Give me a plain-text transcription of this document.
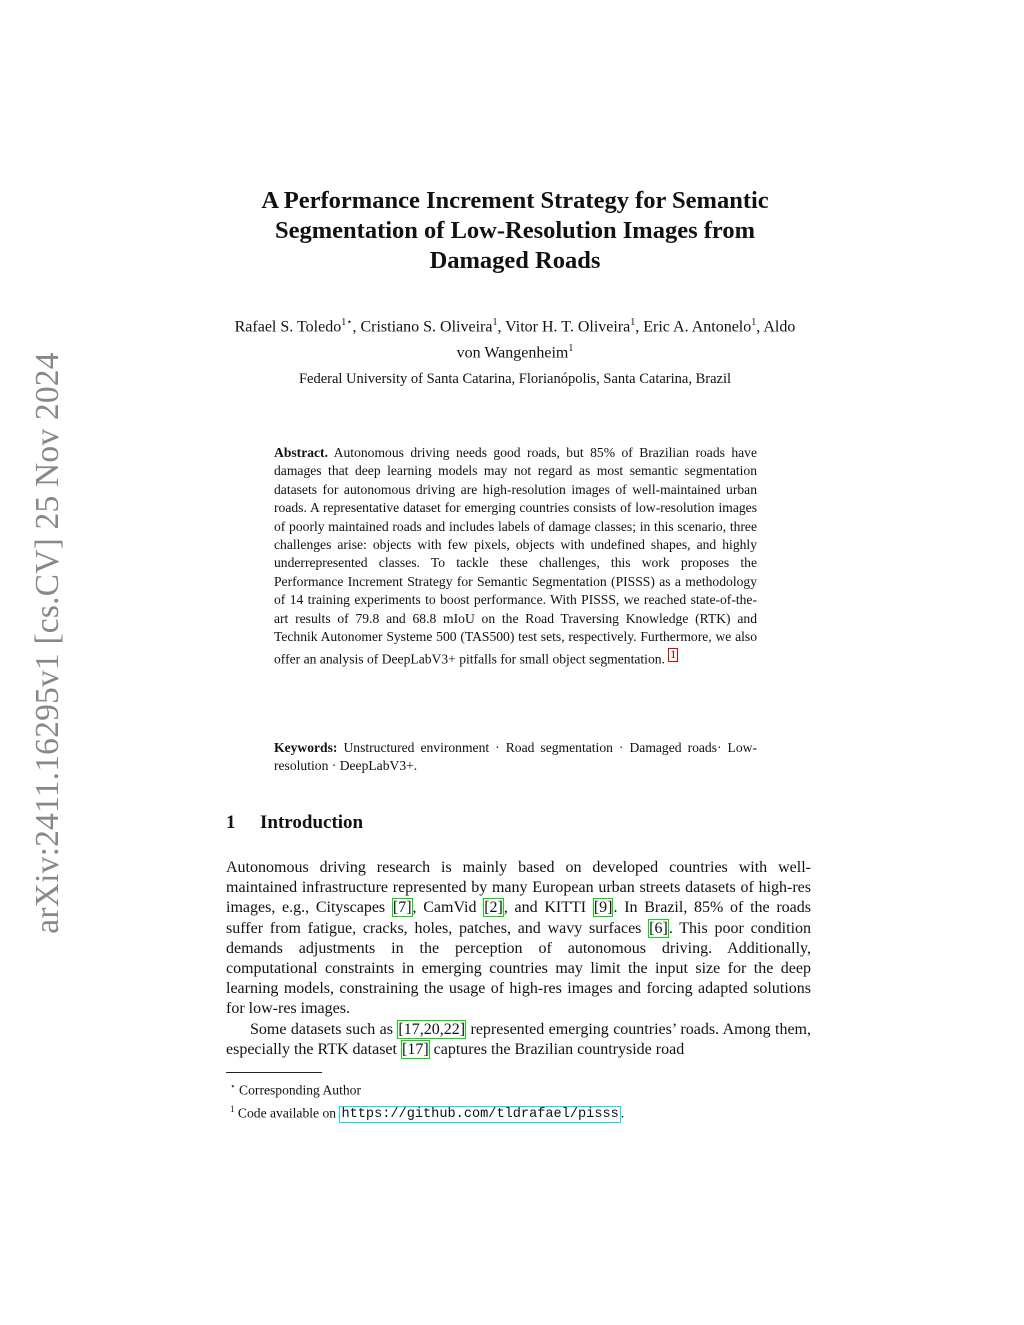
arXiv:2411.16295v1 [cs.CV] 25 Nov 2024
A Performance Increment Strategy for Semantic
Segmentation of Low-Resolution Images from
Damaged Roads
Rafael S. Toledo$^{1⋆}$, Cristiano S. Oliveira$^1$, Vitor H. T. Oliveira$^1$, Eric A. Antonelo$^1$, Aldo von Wangenheim$^1$
Federal University of Santa Catarina, Florianópolis, Santa Catarina, Brazil
Abstract. Autonomous driving needs good roads, but 85% of Brazilian roads have damages that deep learning models may not regard as most semantic segmentation datasets for autonomous driving are high-resolution images of well-maintained urban roads. A representative dataset for emerging countries consists of low-resolution images of poorly maintained roads and includes labels of damage classes; in this scenario, three challenges arise: objects with few pixels, objects with undefined shapes, and highly underrepresented classes. To tackle these challenges, this work proposes the Performance Increment Strategy for Semantic Segmentation (PISSS) as a methodology of 14 training experiments to boost performance. With PISSS, we reached state-of-the-art results of 79.8 and 68.8 mIoU on the Road Traversing Knowledge (RTK) and Technik Autonomer Systeme 500 (TAS500) test sets, respectively. Furthermore, we also offer an analysis of DeepLabV3+ pitfalls for small object segmentation. $^1$
Keywords: Unstructured environment · Road segmentation · Damaged roads· Low-resolution · DeepLabV3+.
1 Introduction

Autonomous driving research is mainly based on developed countries with well-maintained infrastructure represented by many European urban streets datasets of high-res images, e.g., Cityscapes [7], CamVid [2], and KITTI [9]. In Brazil, 85% of the roads suffer from fatigue, cracks, holes, patches, and wavy surfaces [6]. This poor condition demands adjustments in the perception of autonomous driving. Additionally, computational constraints in emerging countries may limit the input size for the deep learning models, constraining the usage of high-res images and forcing adapted solutions for low-res images.

Some datasets such as [17,20,22] represented emerging countries’ roads. Among them, especially the RTK dataset [17] captures the Brazilian countryside road

⋆ Corresponding Author
$^1$ Code available on https://github.com/tldrafael/pisss .
